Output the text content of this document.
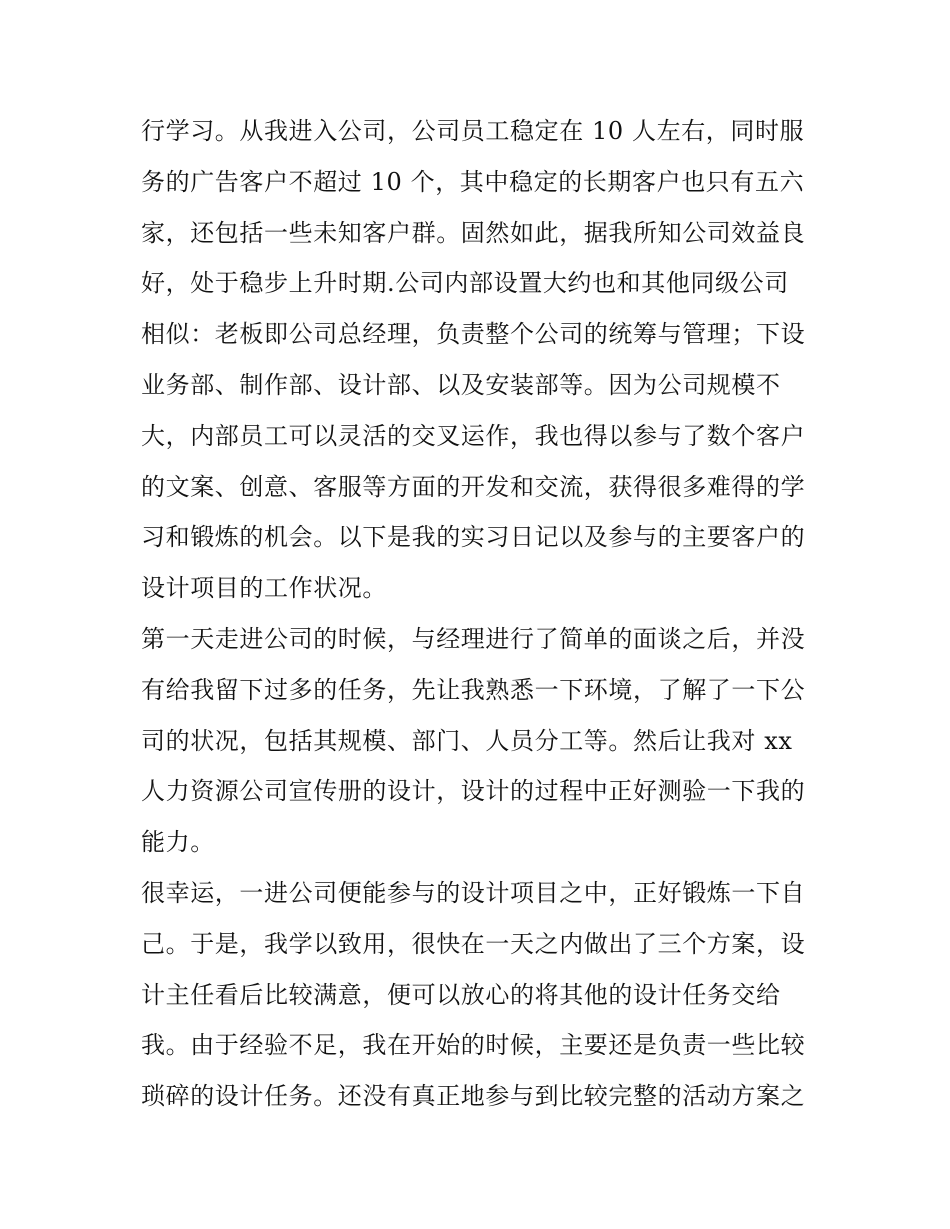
行学习。从我进入公司，公司员工稳定在 10 人左右，同时服
务的广告客户不超过 10 个，其中稳定的长期客户也只有五六
家，还包括一些未知客户群。固然如此，据我所知公司效益良
好，处于稳步上升时期.公司内部设置大约也和其他同级公司
相似：老板即公司总经理，负责整个公司的统筹与管理；下设
业务部、制作部、设计部、以及安装部等。因为公司规模不
大，内部员工可以灵活的交叉运作，我也得以参与了数个客户
的文案、创意、客服等方面的开发和交流，获得很多难得的学
习和锻炼的机会。以下是我的实习日记以及参与的主要客户的
设计项目的工作状况。
第一天走进公司的时候，与经理进行了简单的面谈之后，并没
有给我留下过多的任务，先让我熟悉一下环境，了解了一下公
司的状况，包括其规模、部门、人员分工等。然后让我对 xx
人力资源公司宣传册的设计，设计的过程中正好测验一下我的
能力。
很幸运，一进公司便能参与的设计项目之中，正好锻炼一下自
己。于是，我学以致用，很快在一天之内做出了三个方案，设
计主任看后比较满意，便可以放心的将其他的设计任务交给
我。由于经验不足，我在开始的时候，主要还是负责一些比较
琐碎的设计任务。还没有真正地参与到比较完整的活动方案之
